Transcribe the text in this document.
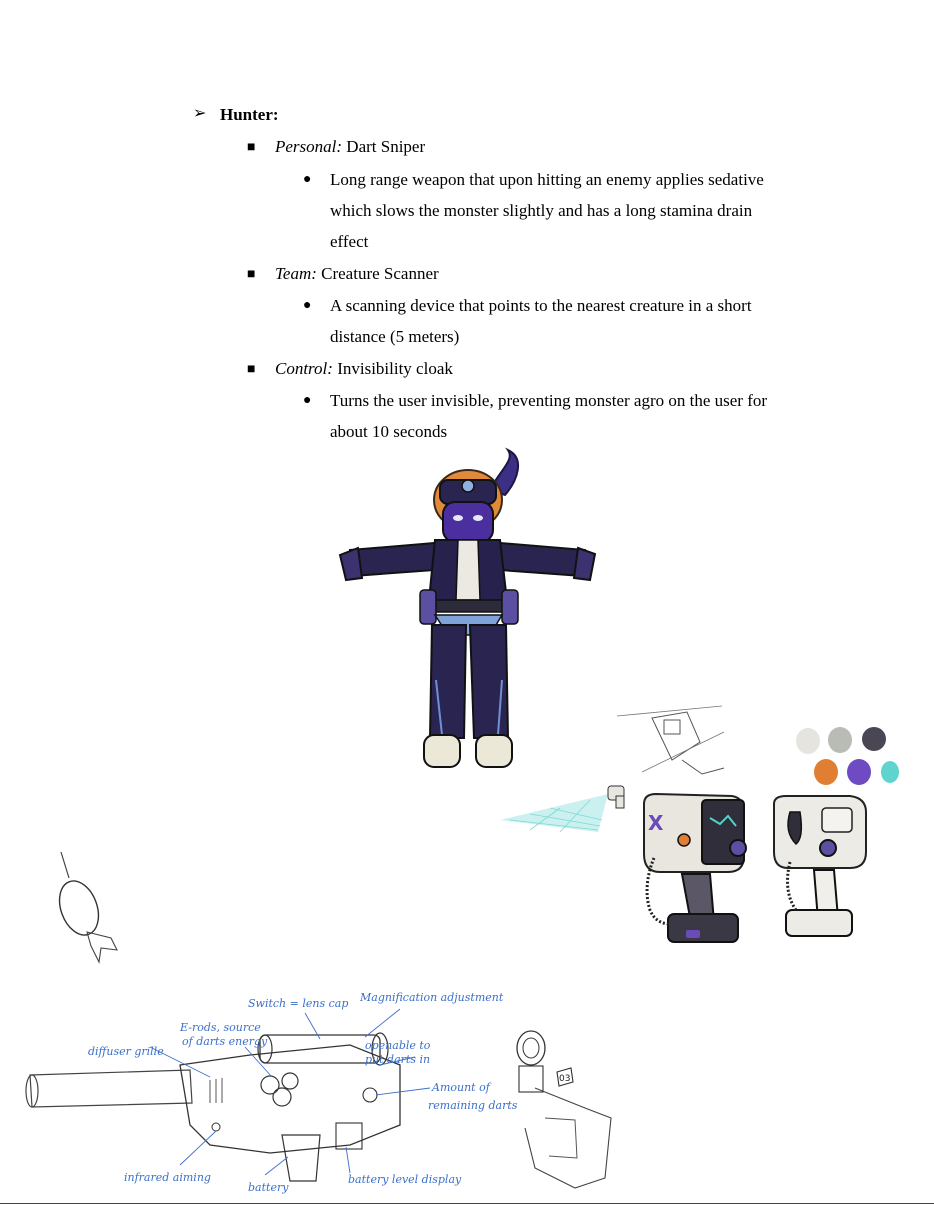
➢ Hunter:
■ Personal: Dart Sniper
● Long range weapon that upon hitting an enemy applies sedative
which slows the monster slightly and has a long stamina drain
effect
■ Team: Creature Scanner
● A scanning device that points to the nearest creature in a short
distance (5 meters)
■ Control: Invisibility cloak
● Turns the user invisible, preventing monster agro on the user for
about 10 seconds
X
Switch = lens cap Magnification adjustment
E-rods, source
of darts energy
diffuser grille	openable to
put darts in
Amount of
remaining darts
infrared aiming
battery
battery level display
03
